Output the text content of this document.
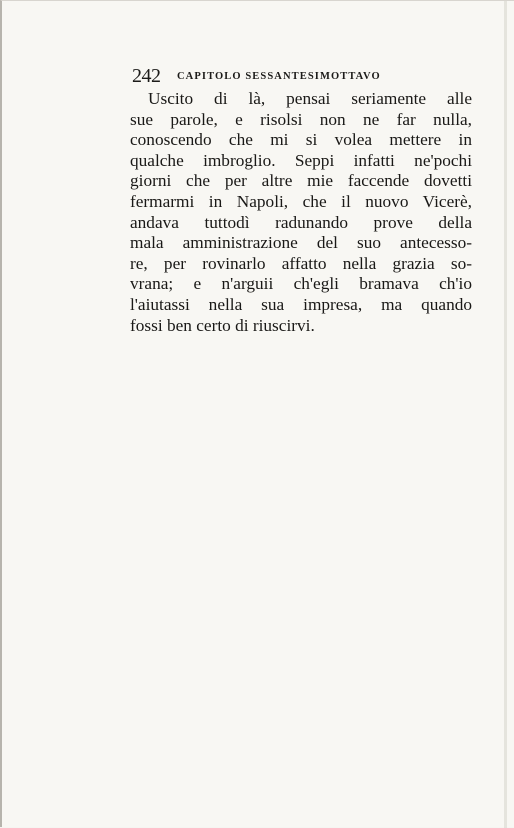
242 CAPITOLO SESSANTESIMOTTAVO
Uscito di là, pensai seriamente alle
sue parole, e risolsi non ne far nulla,
conoscendo che mi si volea mettere in
qualche imbroglio. Seppi infatti ne'pochi
giorni che per altre mie faccende dovetti
fermarmi in Napoli, che il nuovo Vicerè,
andava tuttodì radunando prove della
mala amministrazione del suo antecesso-
re, per rovinarlo affatto nella grazia so-
vrana; e n'arguii ch'egli bramava ch'io
l'aiutassi nella sua impresa, ma quando
fossi ben certo di riuscirvi.
